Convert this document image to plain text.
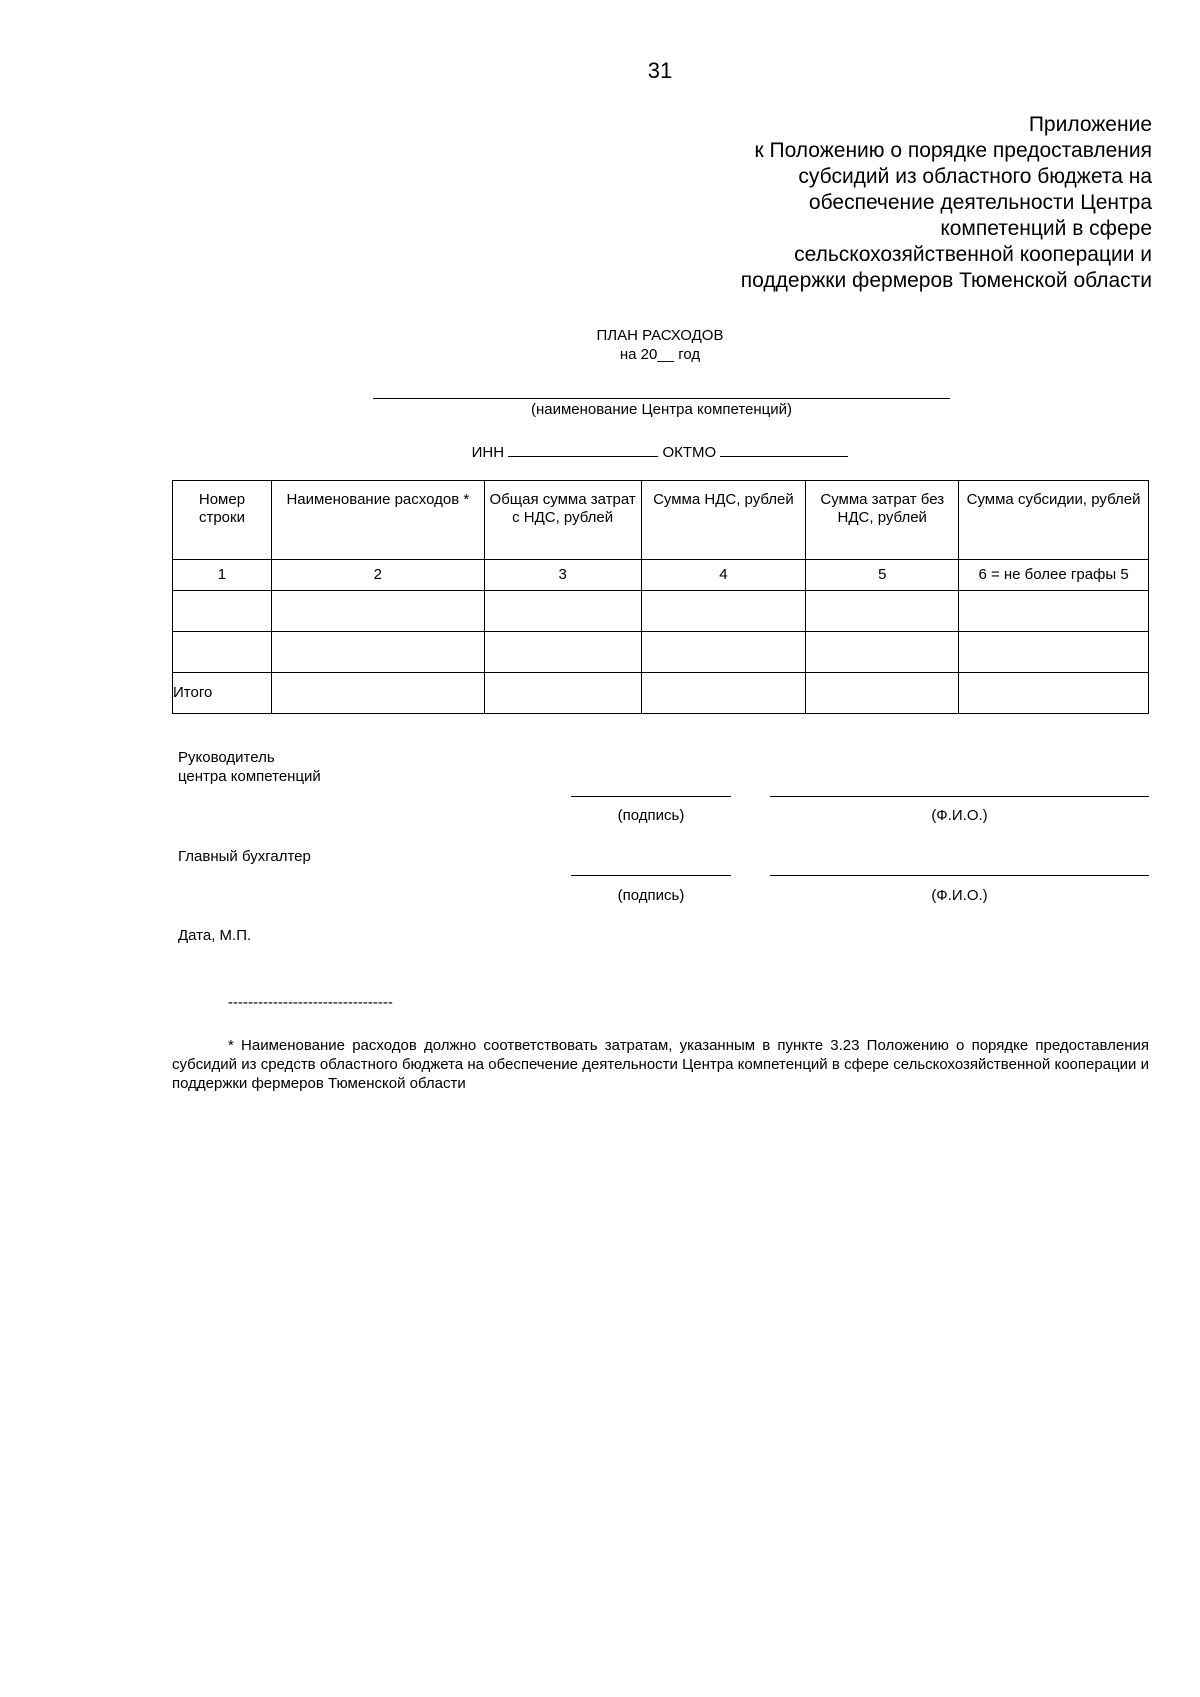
31
Приложение
к Положению о порядке предоставления
субсидий из областного бюджета на
обеспечение деятельности Центра
компетенций в сфере
сельскохозяйственной кооперации и
поддержки фермеров Тюменской области
ПЛАН РАСХОДОВ
на 20__ год
(наименование Центра компетенций)
ИНН	ОКТМО
Номер строки	Наименование расходов *	Общая сумма затрат с НДС, рублей	Сумма НДС, рублей	Сумма затрат без НДС, рублей	Сумма субсидии, рублей
1	2	3	4	5	6 = не более графы 5

Итого					
Руководитель
центра компетенций
(подпись)	(Ф.И.О.)
Главный бухгалтер
(подпись)	(Ф.И.О.)
Дата, М.П.
---------------------------------
* Наименование расходов должно соответствовать затратам, указанным в пункте 3.23 Положению о порядке предоставления субсидий из средств областного бюджета на обеспечение деятельности Центра компетенций в сфере сельскохозяйственной кооперации и поддержки фермеров Тюменской области
